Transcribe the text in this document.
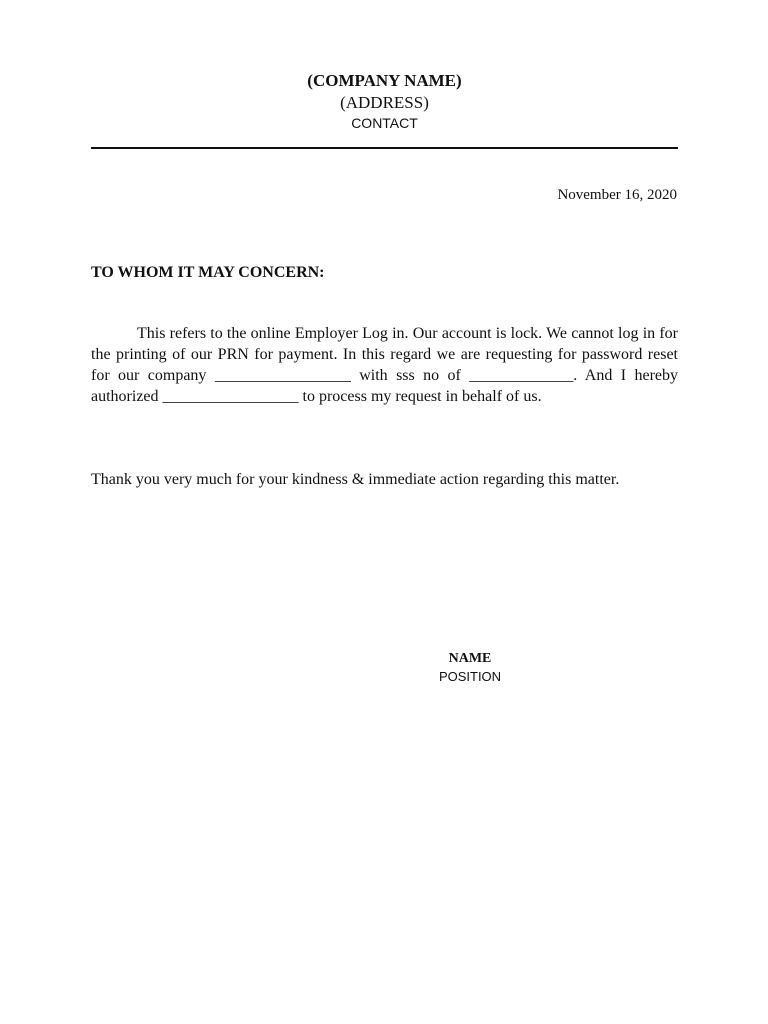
(COMPANY NAME)
(ADDRESS)
CONTACT
November 16, 2020
TO WHOM IT MAY CONCERN:

This refers to the online Employer Log in. Our account is lock. We cannot log in for the printing of our PRN for payment. In this regard we are requesting for password reset for our company _________________ with sss no of _____________. And I hereby authorized _________________ to process my request in behalf of us.

Thank you very much for your kindness & immediate action regarding this matter.

NAME
POSITION
